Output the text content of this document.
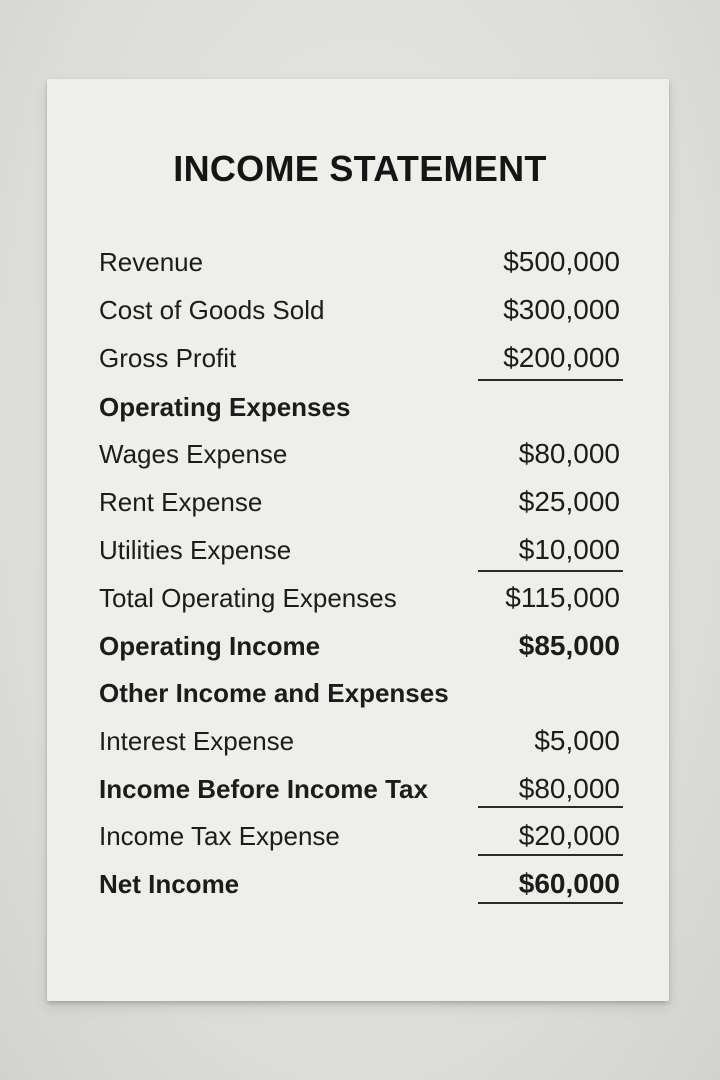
INCOME STATEMENT
Revenue	$500,000
Cost of Goods Sold	$300,000
Gross Profit	$200,000
Operating Expenses
Wages Expense	$80,000
Rent Expense	$25,000
Utilities Expense	$10,000
Total Operating Expenses	$115,000
Operating Income	$85,000
Other Income and Expenses
Interest Expense	$5,000
Income Before Income Tax	$80,000
Income Tax Expense	$20,000
Net Income	$60,000
